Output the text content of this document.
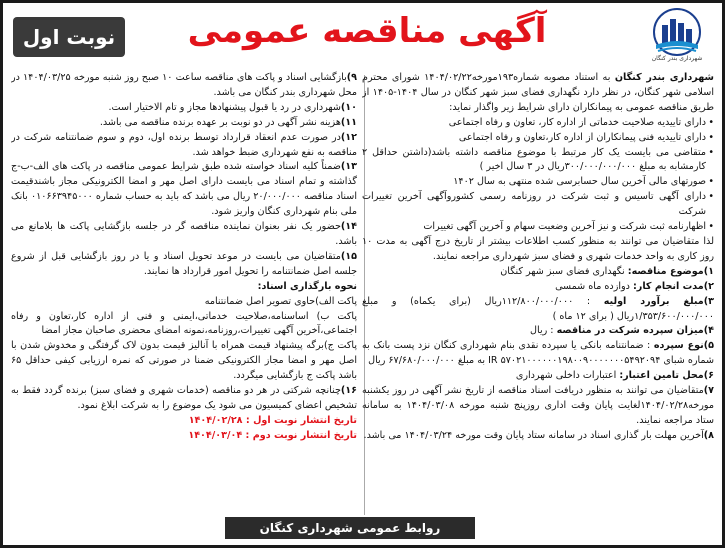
نوبت اول آگهی مناقصه عمومی
شهرداری بندر کنگان
شهرداری بندر کنگان به استناد مصوبه شماره۱۹۳مورخه۱۴۰۴/۰۲/۲۲ شورای محترم اسلامی شهر کنگان، در نظر دارد نگهداری فضای سبز شهر کنگان در سال ۱۴۰۴-۱۴۰۵ از طریق مناقصه عمومی به پیمانکاران دارای شرایط زیر واگذار نماید:
• دارای تاییدیه صلاحیت خدماتی از اداره کار، تعاون و رفاه اجتماعی
• دارای تاییدیه فنی پیمانکاران از اداره کار،تعاون و رفاه اجتماعی
• متقاضی می بایست یک کار مرتبط با موضوع مناقصه داشته باشد(داشتن حداقل ۲ کارمشابه به مبلغ ۳۰۰/۰۰۰/۰۰۰/۰۰۰ریال در ۳ سال اخیر )
• صورتهای مالی آخرین سال حسابرسی شده منتهی به سال ۱۴۰۲
• دارای آگهی تاسیس و ثبت شرکت در روزنامه رسمی کشوروآگهی آخرین تغییرات شرکت
• اظهارنامه ثبت شرکت و نیز آخرین وضعیت سهام و آخرین آگهی تغییرات
لذا متقاضیان می توانند به منظور کسب اطلاعات بیشتر از تاریخ درج آگهی به مدت ۱۰ روز کاری به واحد خدمات شهری و فضای سبز شهرداری مراجعه نمایند.
۱)موضوع مناقصه: نگهداری فضای سبز شهر کنگان
۲)مدت انجام کار: دوازده ماه شمسی
۳)مبلغ برآورد اولیه : ۱۱۲/۸۰۰/۰۰۰/۰۰۰ریال (برای یکماه) و مبلغ ۱/۳۵۳/۶۰۰/۰۰۰/۰۰۰ریال ( برای ۱۲ ماه )
۴)میزان سپرده شرکت در مناقصه : ریال
۵)نوع سپرده : ضمانتنامه بانکی یا سپرده نقدی بنام شهرداری کنگان نزد پست بانک به شماره شبای IR ۵۷۰۲۱۰۰۰۰۰۰۱۹۸۰۰۹۰۰۰۰۰۰۰۵۴۹۲۰۹۴ به مبلغ ۶۷/۶۸۰/۰۰۰/۰۰۰ ریال
۶)محل تامین اعتبار: اعتبارات داخلی شهرداری
۷)متقاضیان می توانند به منظور دریافت اسناد مناقصه از تاریخ نشر آگهی در روز یکشنبه مورخه۱۴۰۴/۰۲/۲۸لغایت پایان وقت اداری روزپنج شنبه مورخه ۱۴۰۴/۰۳/۰۸ به سامانه ستاد مراجعه نمایند.
۸)آخرین مهلت بار گذاری اسناد در سامانه ستاد پایان وقت مورخه ۱۴۰۴/۰۳/۲۴ می باشد.
۹)بازگشایی اسناد و پاکت های مناقصه ساعت ۱۰ صبح روز شنبه مورخه ۱۴۰۴/۰۳/۲۵ در محل شهرداری بندر کنگان می باشد.
۱۰)شهرداری در رد یا قبول پیشنهادها مجاز و تام الاختیار است.
۱۱)هزینه نشر آگهی در دو نوبت بر عهده برنده مناقصه می باشد.
۱۲)در صورت عدم انعقاد قرارداد توسط برنده اول، دوم و سوم ضمانتنامه شرکت در مناقصه به نفع شهرداری ضبط خواهد شد.
۱۳)ضمناً کلیه اسناد خواسته شده طبق شرایط عمومی مناقصه در پاکت های الف-ب-ج گذاشته و تمام اسناد می بایست دارای اصل مهر و امضا الکترونیکی مجاز باشندقیمت اسناد مناقصه ۲۰/۰۰۰/۰۰۰ ریال می باشد که باید به حساب شماره ۰۱۰۶۶۳۹۴۵۰۰۰ بانک ملی بنام شهرداری کنگان واریز شود.
۱۴)حضور یک نفر بعنوان نماینده مناقصه گر در جلسه بازگشایی پاکت ها بلامانع می باشد.
۱۵)متقاضیان می بایست در موعد تحویل اسناد و یا در روز بازگشایی قبل از شروع جلسه اصل ضمانتنامه را تحویل امور قرارداد ها نمایند.
نحوه بارگذاری اسناد:
پاکت الف)حاوی تصویر اصل ضمانتنامه
پاکت ب) اساسنامه،صلاحیت خدماتی،ایمنی و فنی از اداره کار،تعاون و رفاه اجتماعی،آخرین آگهی تغییرات،روزنامه،نمونه امضای محضری صاحبان مجاز امضا
پاکت ج)برگه پیشنهاد قیمت همراه با آنالیز قیمت بدون لاک گرفتگی و مخدوش شدن با اصل مهر و امضا مجاز الکترونیکی ضمنا در صورتی که نمره ارزیابی کیفی حداقل ۶۵ باشد پاکت ج بازگشایی میگردد.
۱۶)چنانچه شرکتی در هر دو مناقصه (خدمات شهری و فضای سبز) برنده گردد فقط به تشخیص اعضای کمیسیون می شود یک موضوع را به شرکت ابلاغ نمود.
تاریخ انتشار نوبت اول : ۱۴۰۴/۰۲/۲۸
تاریخ انتشار نوبت دوم : ۱۴۰۴/۰۳/۰۴
روابط عمومی شهرداری کنگان
